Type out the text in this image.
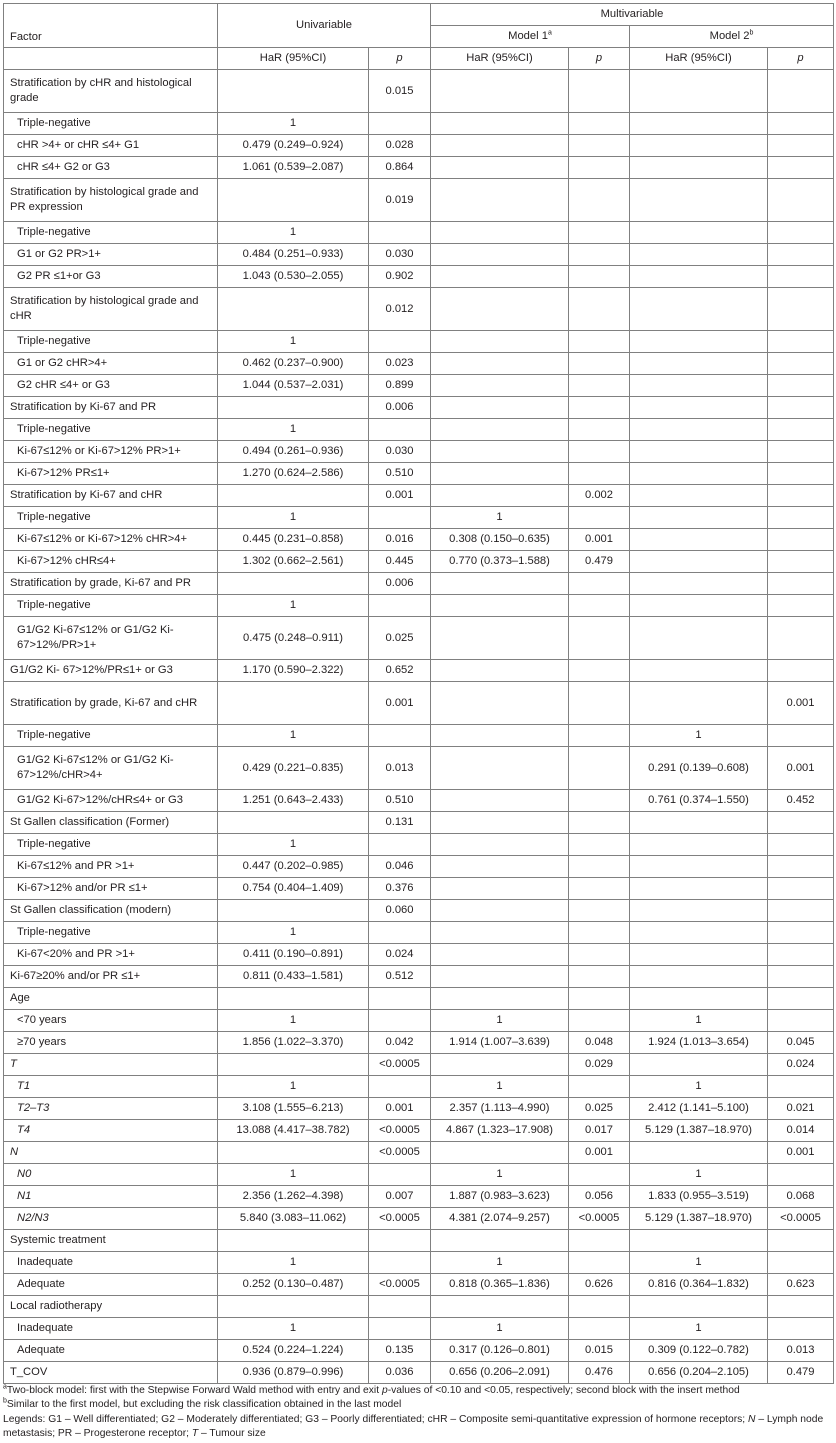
Factor	Univariable		Multivariable			
			Model 1$^a$		Model 2$^b$
	HaR (95%CI)	p	HaR (95%CI)	p	HaR (95%CI)	p
Stratification by cHR and histological grade		0.015				
Triple-negative	1					
cHR >4+ or cHR ≤4+ G1	0.479 (0.249–0.924)	0.028				
cHR ≤4+ G2 or G3	1.061 (0.539–2.087)	0.864				
Stratification by histological grade and PR expression		0.019				
Triple-negative	1					
G1 or G2 PR>1+	0.484 (0.251–0.933)	0.030				
G2 PR ≤1+or G3	1.043 (0.530–2.055)	0.902				
Stratification by histological grade and cHR		0.012				
Triple-negative	1					
G1 or G2 cHR>4+	0.462 (0.237–0.900)	0.023				
G2 cHR ≤4+ or G3	1.044 (0.537–2.031)	0.899				
Stratification by Ki-67 and PR		0.006				
Triple-negative	1					
Ki-67≤12% or Ki-67>12% PR>1+	0.494 (0.261–0.936)	0.030				
Ki-67>12% PR≤1+	1.270 (0.624–2.586)	0.510				
Stratification by Ki-67 and cHR		0.001		0.002		
Triple-negative	1		1			
Ki-67≤12% or Ki-67>12% cHR>4+	0.445 (0.231–0.858)	0.016	0.308 (0.150–0.635)	0.001		
Ki-67>12% cHR≤4+	1.302 (0.662–2.561)	0.445	0.770 (0.373–1.588)	0.479		
Stratification by grade, Ki-67 and PR		0.006				
Triple-negative	1					
G1/G2 Ki-67≤12% or G1/G2 Ki- 67>12%/PR>1+	0.475 (0.248–0.911)	0.025				
G1/G2 Ki- 67>12%/PR≤1+ or G3	1.170 (0.590–2.322)	0.652				
Stratification by grade, Ki-67 and cHR		0.001				0.001
Triple-negative	1				1	
G1/G2 Ki-67≤12% or G1/G2 Ki-67>12%/cHR>4+	0.429 (0.221–0.835)	0.013			0.291 (0.139–0.608)	0.001
G1/G2 Ki-67>12%/cHR≤4+ or G3	1.251 (0.643–2.433)	0.510			0.761 (0.374–1.550)	0.452
St Gallen classification (Former)		0.131				
Triple-negative	1					
Ki-67≤12% and PR >1+	0.447 (0.202–0.985)	0.046				
Ki-67>12% and/or PR ≤1+	0.754 (0.404–1.409)	0.376				
St Gallen classification (modern)		0.060				
Triple-negative	1					
Ki-67<20% and PR >1+	0.411 (0.190–0.891)	0.024				
Ki-67≥20% and/or PR ≤1+	0.811 (0.433–1.581)	0.512				
Age						
<70 years	1		1		1	
≥70 years	1.856 (1.022–3.370)	0.042	1.914 (1.007–3.639)	0.048	1.924 (1.013–3.654)	0.045
T		<0.0005		0.029		0.024
T1	1		1		1	
T2–T3	3.108 (1.555–6.213)	0.001	2.357 (1.113–4.990)	0.025	2.412 (1.141–5.100)	0.021
T4	13.088 (4.417–38.782)	<0.0005	4.867 (1.323–17.908)	0.017	5.129 (1.387–18.970)	0.014
N		<0.0005		0.001		0.001
N0	1		1		1	
N1	2.356 (1.262–4.398)	0.007	1.887 (0.983–3.623)	0.056	1.833 (0.955–3.519)	0.068
N2/N3	5.840 (3.083–11.062)	<0.0005	4.381 (2.074–9.257)	<0.0005	5.129 (1.387–18.970)	<0.0005
Systemic treatment						
Inadequate	1		1		1	
Adequate	0.252 (0.130–0.487)	<0.0005	0.818 (0.365–1.836)	0.626	0.816 (0.364–1.832)	0.623
Local radiotherapy						
Inadequate	1		1		1	
Adequate	0.524 (0.224–1.224)	0.135	0.317 (0.126–0.801)	0.015	0.309 (0.122–0.782)	0.013
T_COV	0.936 (0.879–0.996)	0.036	0.656 (0.206–2.091)	0.476	0.656 (0.204–2.105)	0.479
$^a$Two-block model: first with the Stepwise Forward Wald method with entry and exit p-values of <0.10 and <0.05, respectively; second block with the insert method
$^b$Similar to the first model, but excluding the risk classification obtained in the last model
Legends: G1 – Well differentiated; G2 – Moderately differentiated; G3 – Poorly differentiated; cHR – Composite semi-quantitative expression of hormone receptors; N – Lymph node metastasis; PR – Progesterone receptor; T – Tumour size
